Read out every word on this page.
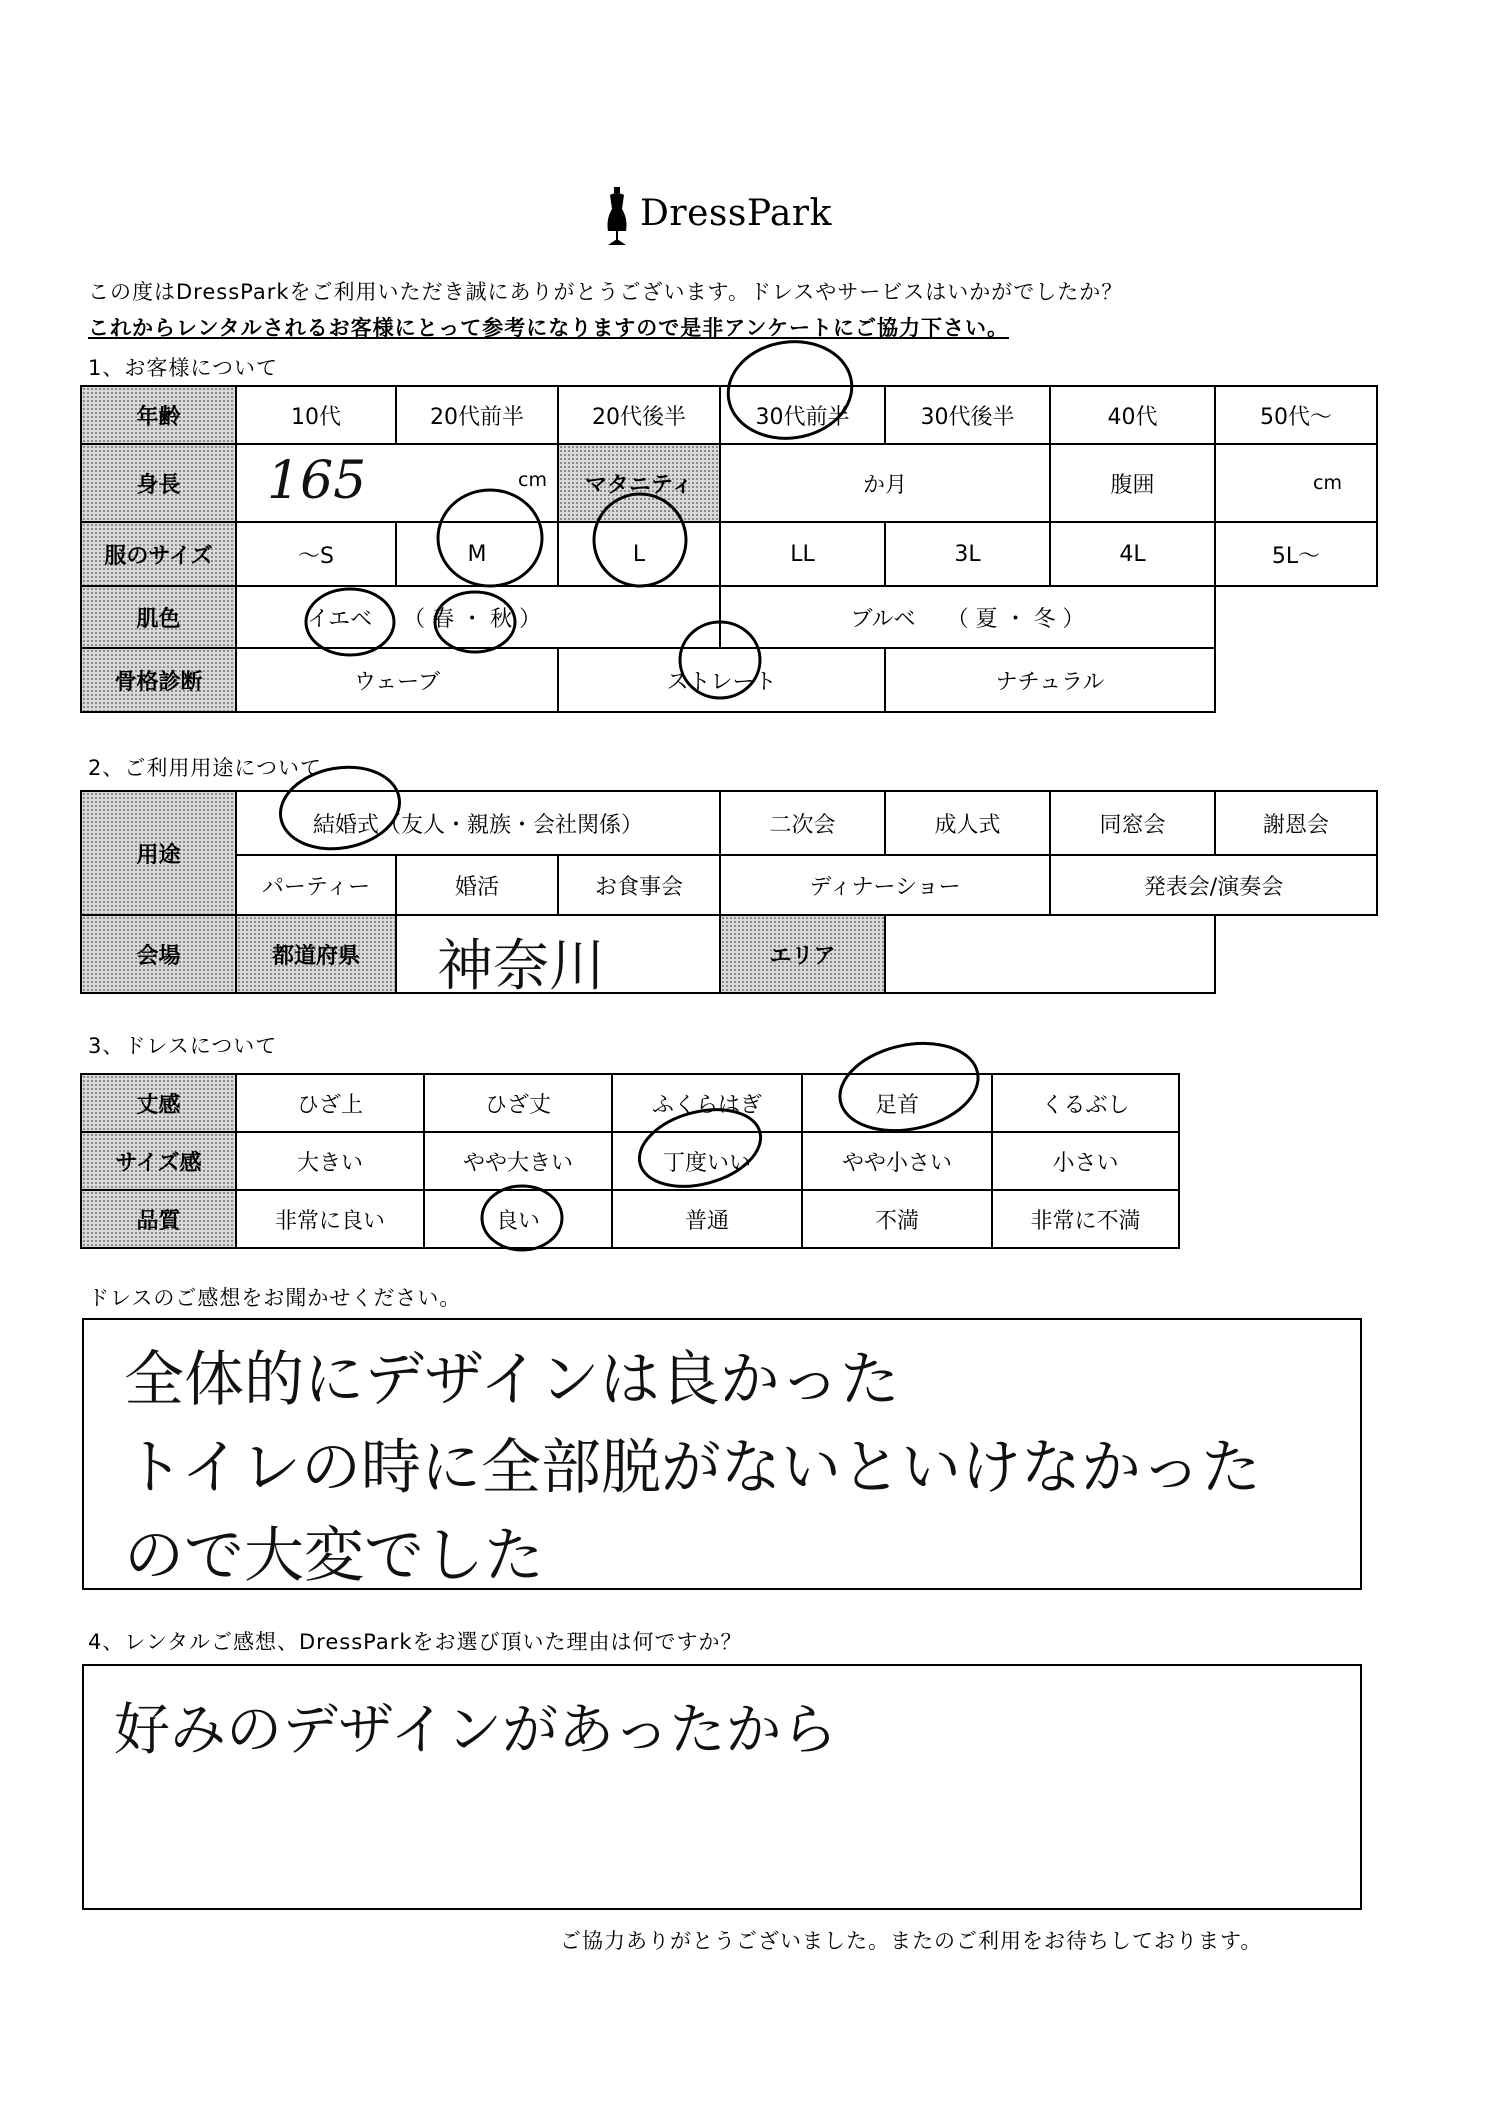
DressPark
この度はDressParkをご利用いただき誠にありがとうございます。ドレスやサービスはいかがでしたか？
これからレンタルされるお客様にとって参考になりますので是非アンケートにご協力下さい。
1、お客様について
年齢	10代	20代前半	20代後半	30代前半	30代後半	40代	50代～
身長	165 cm		マタニティ	か月		腹囲	cm
服のサイズ	～S	M	L	LL	3L	4L	5L～
肌色	イエベ （ 春 ・ 秋 ）			ブルベ （ 夏 ・ 冬 ）			
骨格診断	ウェーブ		ストレート		ナチュラル		
2、ご利用用途について
用途	結婚式（友人・親族・会社関係）			二次会	成人式	同窓会	謝恩会
	パーティー	婚活	お食事会	ディナーショー		発表会/演奏会	
会場	都道府県	神奈川		エリア			
3、ドレスについて
丈感	ひざ上	ひざ丈	ふくらはぎ	足首	くるぶし
サイズ感	大きい	やや大きい	丁度いい	やや小さい	小さい
品質	非常に良い	良い	普通	不満	非常に不満
ドレスのご感想をお聞かせください。
全体的にデザインは良かった
トイレの時に全部脱がないといけなかった
ので大変でした
4、レンタルご感想、DressParkをお選び頂いた理由は何ですか？
好みのデザインがあったから
ご協力ありがとうございました。またのご利用をお待ちしております。
